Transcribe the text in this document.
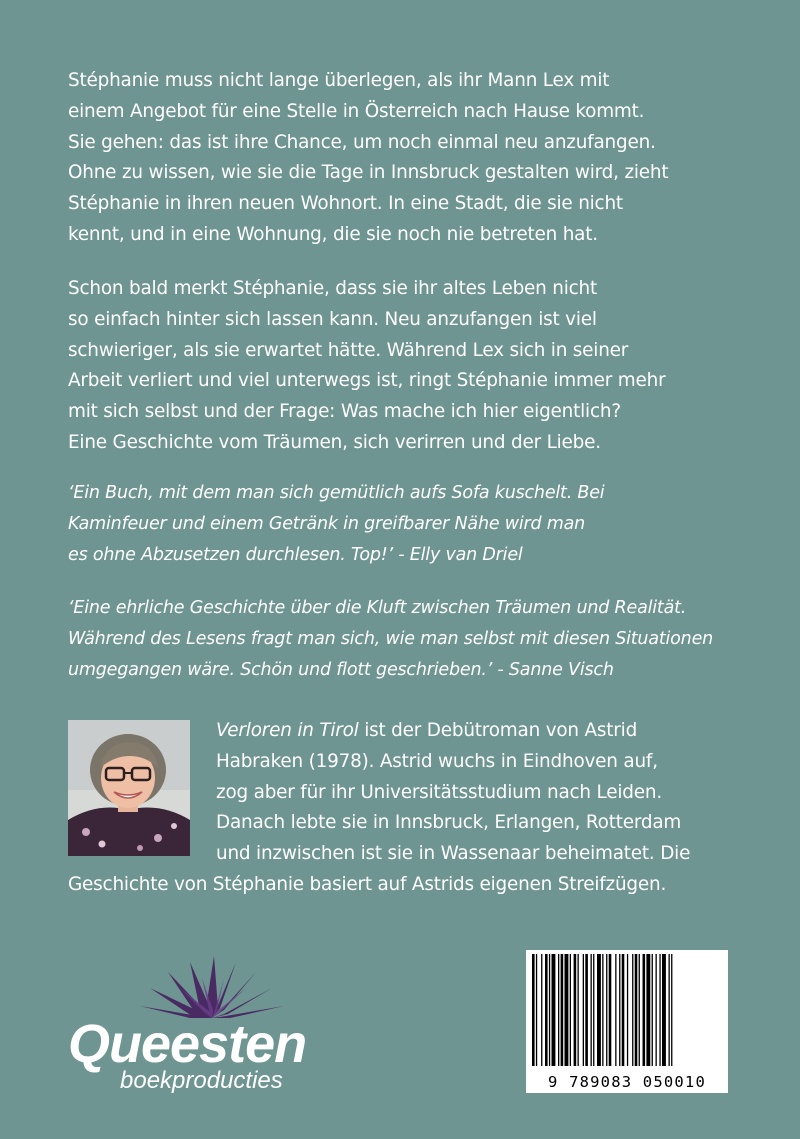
Stéphanie muss nicht lange überlegen, als ihr Mann Lex mit
einem Angebot für eine Stelle in Österreich nach Hause kommt.
Sie gehen: das ist ihre Chance, um noch einmal neu anzufangen.
Ohne zu wissen, wie sie die Tage in Innsbruck gestalten wird, zieht
Stéphanie in ihren neuen Wohnort. In eine Stadt, die sie nicht
kennt, und in eine Wohnung, die sie noch nie betreten hat.

Schon bald merkt Stéphanie, dass sie ihr altes Leben nicht
so einfach hinter sich lassen kann. Neu anzufangen ist viel
schwieriger, als sie erwartet hätte. Während Lex sich in seiner
Arbeit verliert und viel unterwegs ist, ringt Stéphanie immer mehr
mit sich selbst und der Frage: Was mache ich hier eigentlich?
Eine Geschichte vom Träumen, sich verirren und der Liebe.

‘Ein Buch, mit dem man sich gemütlich aufs Sofa kuschelt. Bei
Kaminfeuer und einem Getränk in greifbarer Nähe wird man
es ohne Abzusetzen durchlesen. Top!’ - Elly van Driel

‘Eine ehrliche Geschichte über die Kluft zwischen Träumen und Realität.
Während des Lesens fragt man sich, wie man selbst mit diesen Situationen
umgegangen wäre. Schön und flott geschrieben.’ - Sanne Visch

Verloren in Tirol ist der Debütroman von Astrid
Habraken (1978). Astrid wuchs in Eindhoven auf,
zog aber für ihr Universitätsstudium nach Leiden.
Danach lebte sie in Innsbruck, Erlangen, Rotterdam
und inzwischen ist sie in Wassenaar beheimatet. Die
Geschichte von Stéphanie basiert auf Astrids eigenen Streifzügen.
Queesten
boekproducties	9 789083 050010
